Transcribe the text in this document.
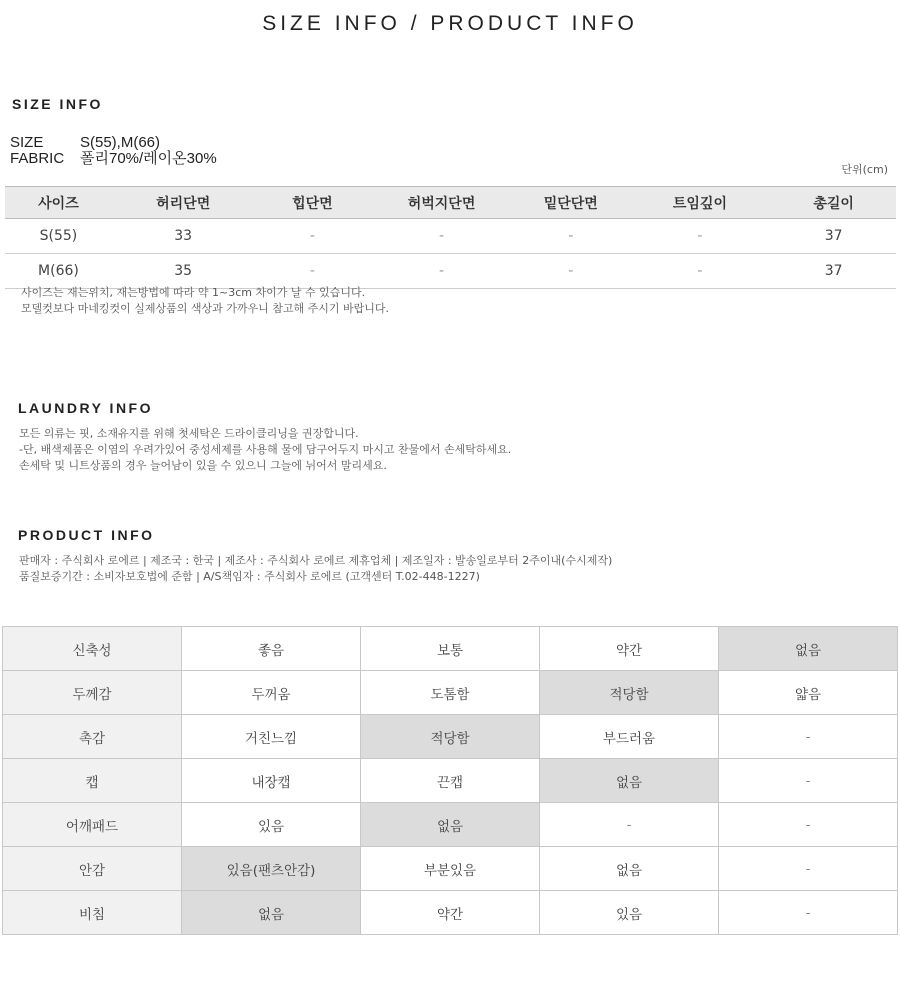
SIZE INFO / PRODUCT INFO
SIZE INFO
SIZE S(55),M(66)
FABRIC 폴리70%/레이온30%
단위(cm)
사이즈	허리단면	힙단면	허벅지단면	밑단단면	트임깊이	총길이
S(55)	33	-	-	-	-	37
M(66)	35	-	-	-	-	37
사이즈는 재는위치, 재는방법에 따라 약 1~3cm 차이가 날 수 있습니다.
모델컷보다 마네킹컷이 실제상품의 색상과 가까우니 참고해 주시기 바랍니다.
LAUNDRY INFO
모든 의류는 핏, 소재유지를 위해 첫세탁은 드라이클리닝을 권장합니다.
-단, 배색제품은 이염의 우려가있어 중성세제를 사용해 물에 담구어두지 마시고 찬물에서 손세탁하세요.
손세탁 및 니트상품의 경우 늘어남이 있을 수 있으니 그늘에 뉘어서 말리세요.
PRODUCT INFO
판매자 : 주식회사 로에르 | 제조국 : 한국 | 제조사 : 주식회사 로에르 제휴업체 | 제조일자 : 발송일로부터 2주이내(수시제작)
품질보증기간 : 소비자보호법에 준함 | A/S책임자 : 주식회사 로에르 (고객센터 T.02-448-1227)
신축성	좋음	보통	약간	없음
두께감	두꺼움	도톰함	적당함	얇음
촉감	거친느낌	적당함	부드러움	-
캡	내장캡	끈캡	없음	-
어깨패드	있음	없음	-	-
안감	있음(팬츠안감)	부분있음	없음	-
비침	없음	약간	있음	-
